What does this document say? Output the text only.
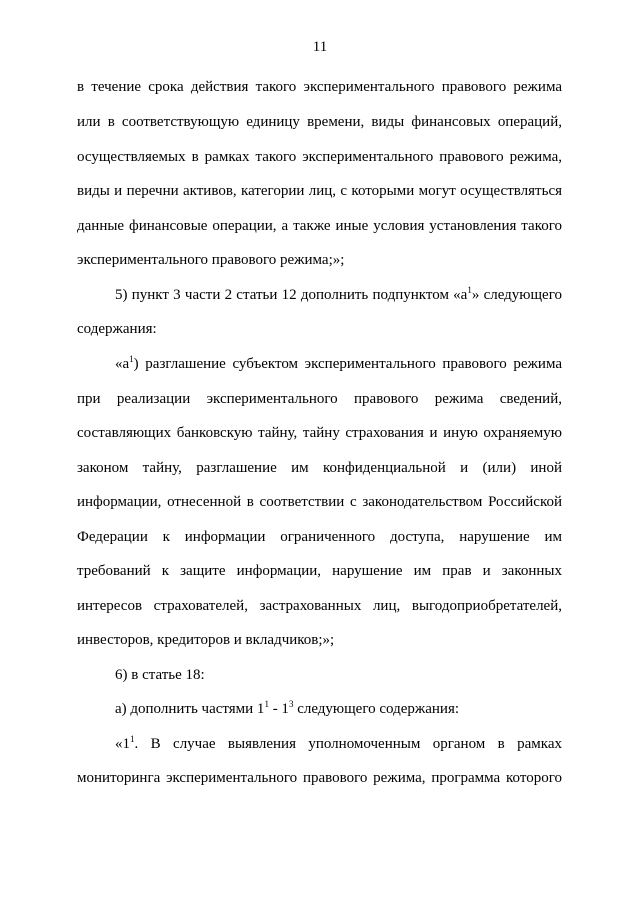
11
в течение срока действия такого экспериментального правового режима
или в соответствующую единицу времени, виды финансовых операций,
осуществляемых в рамках такого экспериментального правового режима,
виды и перечни активов, категории лиц, с которыми могут осуществляться
данные финансовые операции, а также иные условия установления такого
экспериментального правового режима;»;
5) пункт 3 части 2 статьи 12 дополнить подпунктом «$а^1$» следующего
содержания:
«$а^1$) разглашение субъектом экспериментального правового режима
при реализации экспериментального правового режима сведений,
составляющих банковскую тайну, тайну страхования и иную охраняемую
законом тайну, разглашение им конфиденциальной и (или) иной
информации, отнесенной в соответствии с законодательством Российской
Федерации к информации ограниченного доступа, нарушение им
требований к защите информации, нарушение им прав и законных
интересов страхователей, застрахованных лиц, выгодоприобретателей,
инвесторов, кредиторов и вкладчиков;»;
6) в статье 18:
а) дополнить частями $1^1 - 1^3$ следующего содержания:
«$1^1$. В случае выявления уполномоченным органом в рамках
мониторинга экспериментального правового режима, программа которого
